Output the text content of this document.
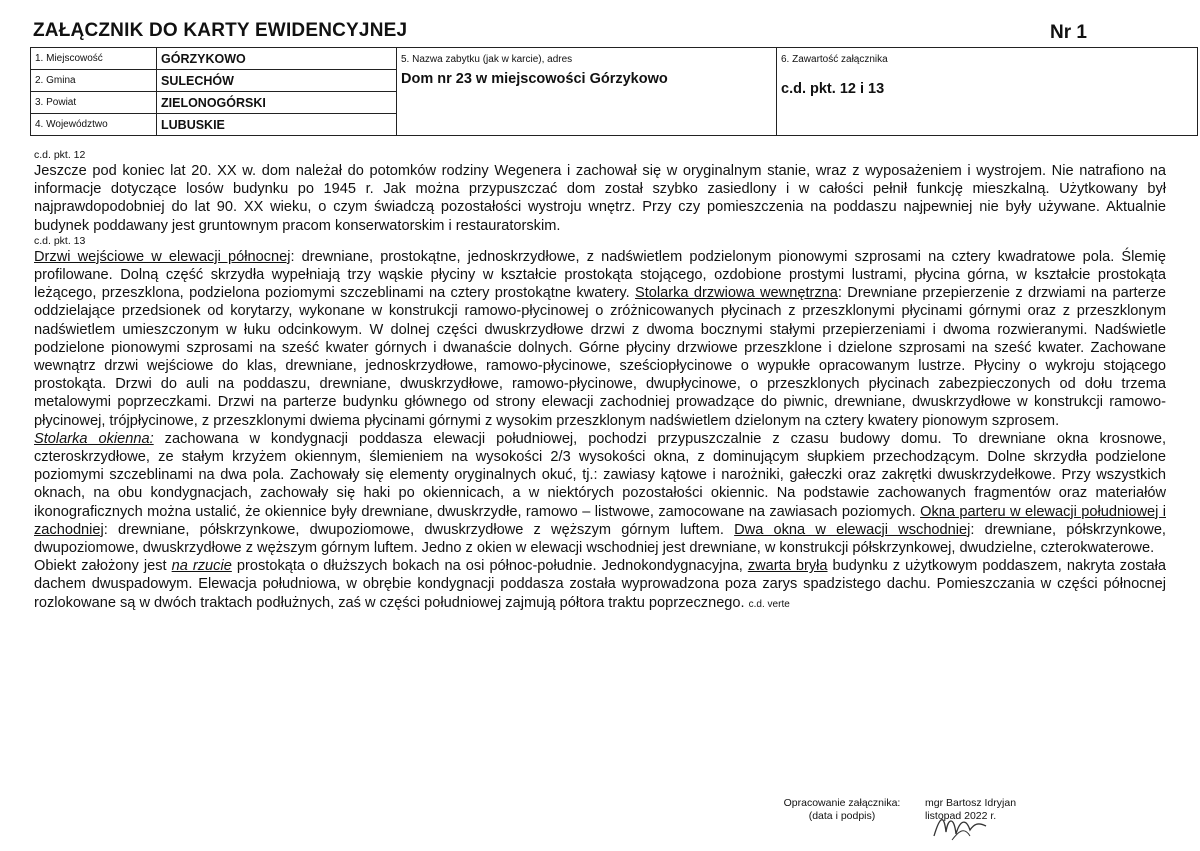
ZAŁĄCZNIK DO KARTY EWIDENCYJNEJ	Nr 1
1. Miejscowość	GÓRZYKOWO	5. Nazwa zabytku (jak w karcie), adres
Dom nr 23 w miejscowości Górzykowo	6. Zawartość załącznika
c.d. pkt. 12 i 13

2. Gmina	SULECHÓW		
3. Powiat	ZIELONOGÓRSKI		
4. Województwo	LUBUSKIE		
c.d. pkt. 12

Jeszcze pod koniec lat 20. XX w. dom należał do potomków rodziny Wegenera i zachował się w oryginalnym stanie, wraz z wyposażeniem i wystrojem. Nie natrafiono na informacje dotyczące losów budynku po 1945 r. Jak można przypuszczać dom został szybko zasiedlony i w całości pełnił funkcję mieszkalną. Użytkowany był najprawdopodobniej do lat 90. XX wieku, o czym świadczą pozostałości wystroju wnętrz. Przy czy pomieszczenia na poddaszu najpewniej nie były używane. Aktualnie budynek poddawany jest gruntownym pracom konserwatorskim i restauratorskim.

c.d. pkt. 13

Drzwi wejściowe w elewacji północnej: drewniane, prostokątne, jednoskrzydłowe, z nadświetlem podzielonym pionowymi szprosami na cztery kwadratowe pola. Ślemię profilowane. Dolną część skrzydła wypełniają trzy wąskie płyciny w kształcie prostokąta stojącego, ozdobione prostymi lustrami, płycina górna, w kształcie prostokąta leżącego, przeszklona, podzielona poziomymi szczeblinami na cztery prostokątne kwatery. Stolarka drzwiowa wewnętrzna: Drewniane przepierzenie z drzwiami na parterze oddzielające przedsionek od korytarzy, wykonane w konstrukcji ramowo-płycinowej o zróżnicowanych płycinach z przeszklonymi płycinami górnymi oraz z przeszklonym nadświetlem umieszczonym w łuku odcinkowym. W dolnej części dwuskrzydłowe drzwi z dwoma bocznymi stałymi przepierzeniami i dwoma rozwieranymi. Nadświetle podzielone pionowymi szprosami na sześć kwater górnych i dwanaście dolnych. Górne płyciny drzwiowe przeszklone i dzielone szprosami na sześć kwater. Zachowane wewnątrz drzwi wejściowe do klas, drewniane, jednoskrzydłowe, ramowo-płycinowe, sześciopłycinowe o wypukłe opracowanym lustrze. Płyciny o wykroju stojącego prostokąta. Drzwi do auli na poddaszu, drewniane, dwuskrzydłowe, ramowo-płycinowe, dwupłycinowe, o przeszklonych płycinach zabezpieczonych od dołu trzema metalowymi poprzeczkami. Drzwi na parterze budynku głównego od strony elewacji zachodniej prowadzące do piwnic, drewniane, dwuskrzydłowe w konstrukcji ramowo-płycinowej, trójpłycinowe, z przeszklonymi dwiema płycinami górnymi z wysokim przeszklonym nadświetlem dzielonym na cztery kwatery pionowym szprosem.

Stolarka okienna: zachowana w kondygnacji poddasza elewacji południowej, pochodzi przypuszczalnie z czasu budowy domu. To drewniane okna krosnowe, czteroskrzydłowe, ze stałym krzyżem okiennym, ślemieniem na wysokości 2/3 wysokości okna, z dominującym słupkiem przechodzącym. Dolne skrzydła podzielone poziomymi szczeblinami na dwa pola. Zachowały się elementy oryginalnych okuć, tj.: zawiasy kątowe i narożniki, gałeczki oraz zakrętki dwuskrzydełkowe. Przy wszystkich oknach, na obu kondygnacjach, zachowały się haki po okiennicach, a w niektórych pozostałości okiennic. Na podstawie zachowanych fragmentów oraz materiałów ikonograficznych można ustalić, że okiennice były drewniane, dwuskrzydłe, ramowo – listwowe, zamocowane na zawiasach poziomych. Okna parteru w elewacji południowej i zachodniej: drewniane, półskrzynkowe, dwupoziomowe, dwuskrzydłowe z węższym górnym luftem. Dwa okna w elewacji wschodniej: drewniane, półskrzynkowe, dwupoziomowe, dwuskrzydłowe z węższym górnym luftem. Jedno z okien w elewacji wschodniej jest drewniane, w konstrukcji półskrzynkowej, dwudzielne, czterokwaterowe.

Obiekt założony jest na rzucie prostokąta o dłuższych bokach na osi północ-południe. Jednokondygnacyjna, zwarta bryła budynku z użytkowym poddaszem, nakryta została dachem dwuspadowym. Elewacja południowa, w obrębie kondygnacji poddasza została wyprowadzona poza zarys spadzistego dachu. Pomieszczania w części północnej rozlokowane są w dwóch traktach podłużnych, zaś w części południowej zajmują półtora traktu poprzecznego. c.d. verte

Opracowanie załącznika:
(data i podpis)
mgr Bartosz Idryjan
listopad 2022 r.
